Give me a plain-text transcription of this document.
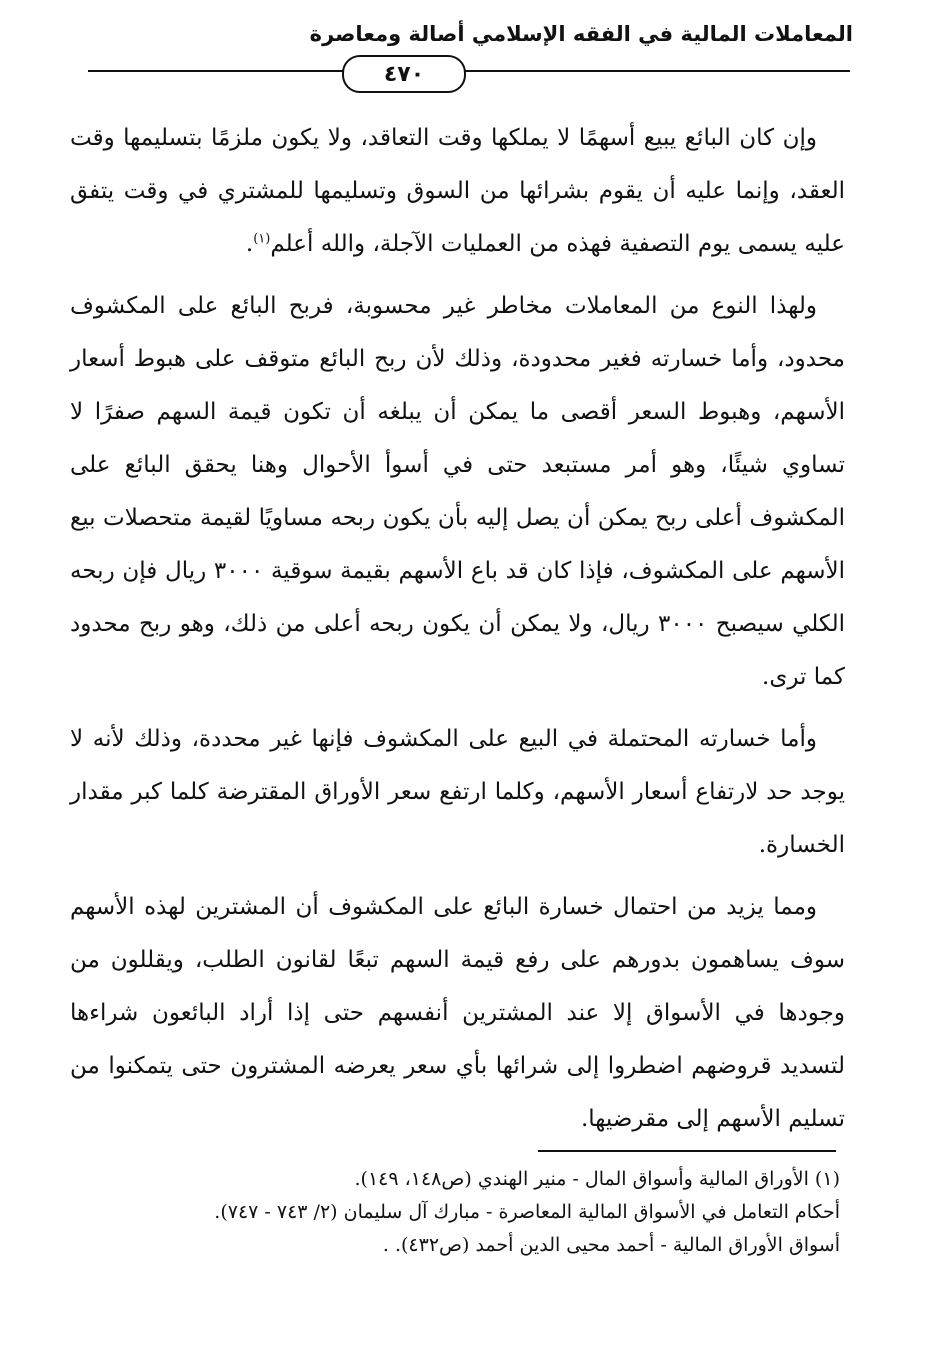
المعاملات المالية في الفقه الإسلامي أصالة ومعاصرة
٤٧٠

وإن كان البائع يبيع أسهمًا لا يملكها وقت التعاقد، ولا يكون ملزمًا بتسليمها وقت العقد، وإنما عليه أن يقوم بشرائها من السوق وتسليمها للمشتري في وقت يتفق عليه يسمى يوم التصفية فهذه من العمليات الآجلة، والله أعلم$^{(١)}$.

ولهذا النوع من المعاملات مخاطر غير محسوبة، فربح البائع على المكشوف محدود، وأما خسارته فغير محدودة، وذلك لأن ربح البائع متوقف على هبوط أسعار الأسهم، وهبوط السعر أقصى ما يمكن أن يبلغه أن تكون قيمة السهم صفرًا لا تساوي شيئًا، وهو أمر مستبعد حتى في أسوأ الأحوال وهنا يحقق البائع على المكشوف أعلى ربح يمكن أن يصل إليه بأن يكون ربحه مساويًا لقيمة متحصلات بيع الأسهم على المكشوف، فإذا كان قد باع الأسهم بقيمة سوقية ٣٠٠٠ ريال فإن ربحه الكلي سيصبح ٣٠٠٠ ريال، ولا يمكن أن يكون ربحه أعلى من ذلك، وهو ربح محدود كما ترى.

وأما خسارته المحتملة في البيع على المكشوف فإنها غير محددة، وذلك لأنه لا يوجد حد لارتفاع أسعار الأسهم، وكلما ارتفع سعر الأوراق المقترضة كلما كبر مقدار الخسارة.

ومما يزيد من احتمال خسارة البائع على المكشوف أن المشترين لهذه الأسهم سوف يساهمون بدورهم على رفع قيمة السهم تبعًا لقانون الطلب، ويقللون من وجودها في الأسواق إلا عند المشترين أنفسهم حتى إذا أراد البائعون شراءها لتسديد قروضهم اضطروا إلى شرائها بأي سعر يعرضه المشترون حتى يتمكنوا من تسليم الأسهم إلى مقرضيها.

(١) الأوراق المالية وأسواق المال - منير الهندي (ص١٤٨، ١٤٩).
أحكام التعامل في الأسواق المالية المعاصرة - مبارك آل سليمان (٢/ ٧٤٣ - ٧٤٧).
أسواق الأوراق المالية - أحمد محيى الدين أحمد (ص٤٣٢). .
